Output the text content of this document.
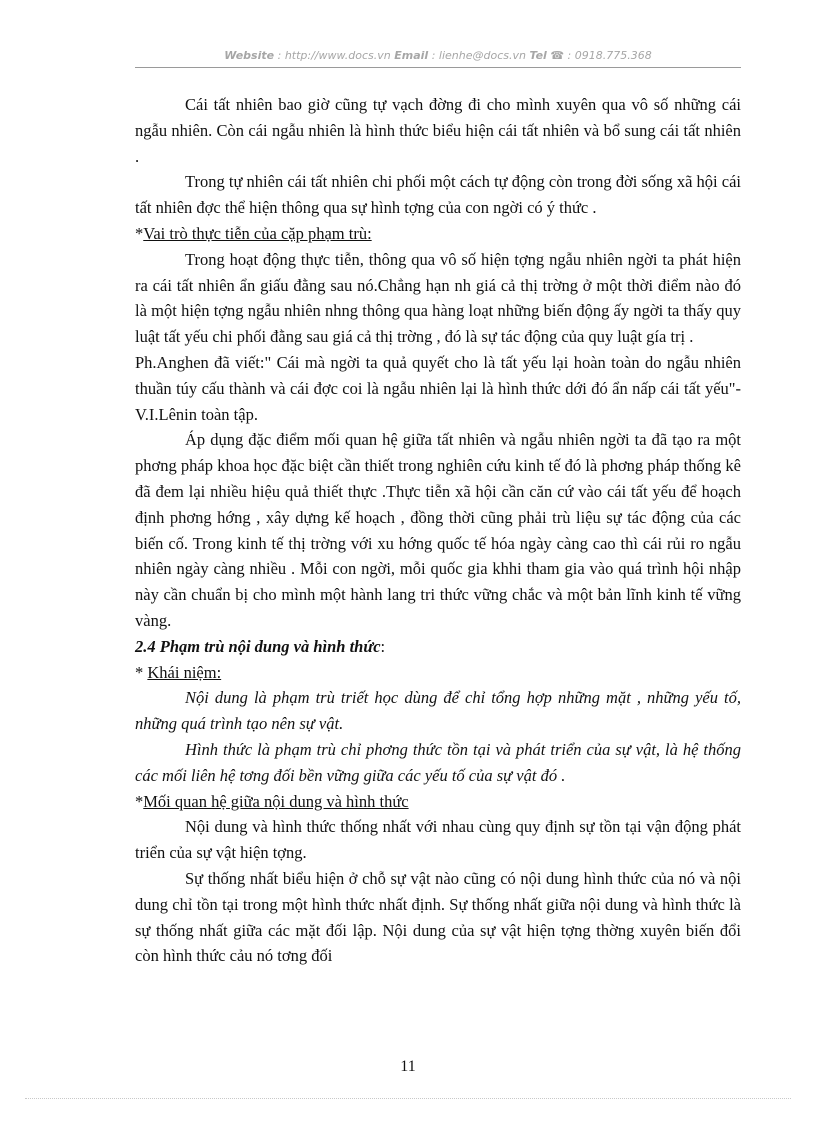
Website : http://www.docs.vn Email : lienhe@docs.vn Tel ☎ : 0918.775.368

Cái tất nhiên bao giờ cũng tự vạch đờng đi cho mình xuyên qua vô số những cái ngẫu nhiên. Còn cái ngẫu nhiên là hình thức biểu hiện cái tất nhiên và bổ sung cái tất nhiên .

Trong tự nhiên cái tất nhiên chi phối một cách tự động còn trong đời sống xã hội cái tất nhiên đợc thể hiện thông qua sự hình tợng của con ngời có ý thức .

*Vai trò thực tiễn của cặp phạm trù:

Trong hoạt động thực tiễn, thông qua vô số hiện tợng ngẫu nhiên ngời ta phát hiện ra cái tất nhiên ẩn giấu đằng sau nó.Chẳng hạn nh giá cả thị trờng ở một thời điểm nào đó là một hiện tợng ngẫu nhiên nhng thông qua hàng loạt những biến động ấy ngời ta thấy quy luật tất yếu chi phối đằng sau giá cả thị trờng , đó là sự tác động của quy luật gía trị .

Ph.Anghen đã viết:" Cái mà ngời ta quả quyết cho là tất yếu lại hoàn toàn do ngẫu nhiên thuần túy cấu thành và cái đợc coi là ngẫu nhiên lại là hình thức dới đó ẩn nấp cái tất yếu"-V.I.Lênin toàn tập.

Áp dụng đặc điểm mối quan hệ giữa tất nhiên và ngẫu nhiên ngời ta đã tạo ra một phơng pháp khoa học đặc biệt cần thiết trong nghiên cứu kinh tế đó là phơng pháp thống kê đã đem lại nhiều hiệu quả thiết thực .Thực tiễn xã hội cần căn cứ vào cái tất yếu để hoạch định phơng hớng , xây dựng kế hoạch , đồng thời cũng phải trù liệu sự tác động của các biến cố. Trong kinh tế thị trờng với xu hớng quốc tế hóa ngày càng cao thì cái rủi ro ngẫu nhiên ngày càng nhiều . Mỗi con ngời, mỗi quốc gia khhi tham gia vào quá trình hội nhập này cần chuẩn bị cho mình một hành lang tri thức vững chắc và một bản lĩnh kinh tế vững vàng.

2.4 Phạm trù nội dung và hình thức:

* Khái niệm:

Nội dung là phạm trù triết học dùng để chỉ tổng hợp những mặt , những yếu tố, những quá trình tạo nên sự vật.

Hình thức là phạm trù chỉ phơng thức tồn tại và phát triển của sự vật, là hệ thống các mối liên hệ tơng đối bền vững giữa các yếu tố của sự vật đó .

*Mối quan hệ giữa nội dung và hình thức

Nội dung và hình thức thống nhất với nhau cùng quy định sự tồn tại vận động phát triển của sự vật hiện tợng.

Sự thống nhất biểu hiện ở chỗ sự vật nào cũng có nội dung hình thức của nó và nội dung chỉ tồn tại trong một hình thức nhất định. Sự thống nhất giữa nội dung và hình thức là sự thống nhất giữa các mặt đối lập. Nội dung của sự vật hiện tợng thờng xuyên biến đổi còn hình thức cảu nó tơng đối

11
